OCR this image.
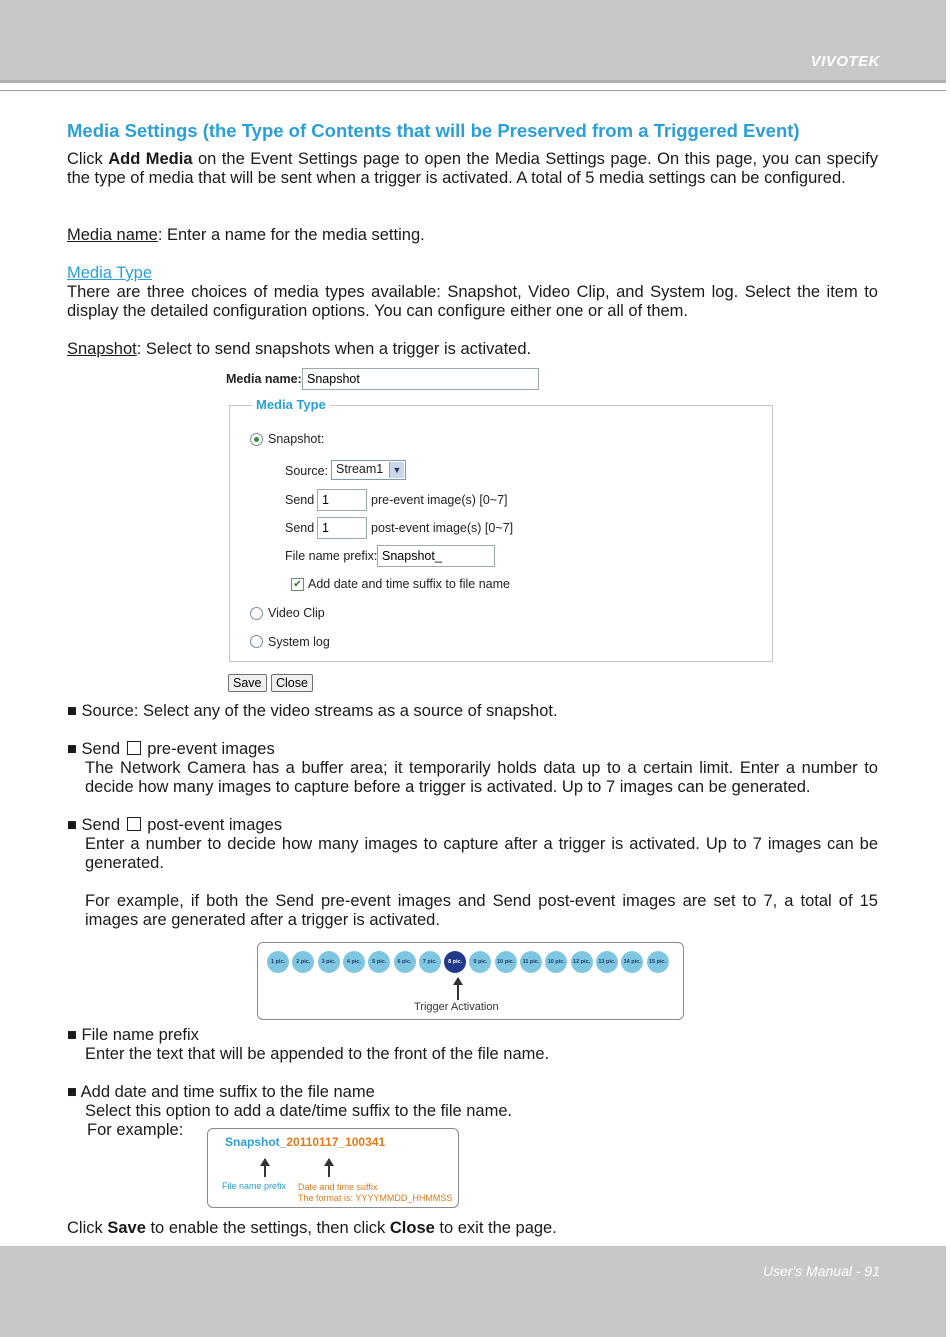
VIVOTEK
Media Settings (the Type of Contents that will be Preserved from a Triggered Event)
Click Add Media on the Event Settings page to open the Media Settings page. On this page, you can specify the type of media that will be sent when a trigger is activated. A total of 5 media settings can be configured.
Media name: Enter a name for the media setting.
Media Type
There are three choices of media types available: Snapshot, Video Clip, and System log. Select the item to display the detailed configuration options. You can configure either one or all of them.
Snapshot: Select to send snapshots when a trigger is activated.
Media name:
Snapshot
Media Type
Snapshot:
Source: Stream1	▼
Send
1	pre-event image(s) [0~7]
Send
1	post-event image(s) [0~7]
File name prefix:
Snapshot_
✔ Add date and time suffix to file name
Video Clip
System log
Save	Close
■ Source: Select any of the video streams as a source of snapshot.
■ Send  pre-event images
The Network Camera has a buffer area; it temporarily holds data up to a certain limit. Enter a number to decide how many images to capture before a trigger is activated. Up to 7 images can be generated.
■ Send  post-event images
Enter a number to decide how many images to capture after a trigger is activated. Up to 7 images can be generated.
For example, if both the Send pre-event images and Send post-event images are set to 7, a total of 15 images are generated after a trigger is activated.
1 pic.	2 pic.	3 pic.	4 pic.	5 pic.	6 pic.	7 pic.	8 pic.	9 pic.	10 pic.	11 pic.	10 pic.	12 pic.	13 pic.	14 pic.	15 pic.
Trigger Activation
■ File name prefix
Enter the text that will be appended to the front of the file name.
■ Add date and time suffix to the file name
Select this option to add a date/time suffix to the file name.
For example:
Snapshot_20110117_100341
File name prefix Date and time suffix
The format is: YYYYMMDD_HHMMSS
Click Save to enable the settings, then click Close to exit the page.
User's Manual - 91
